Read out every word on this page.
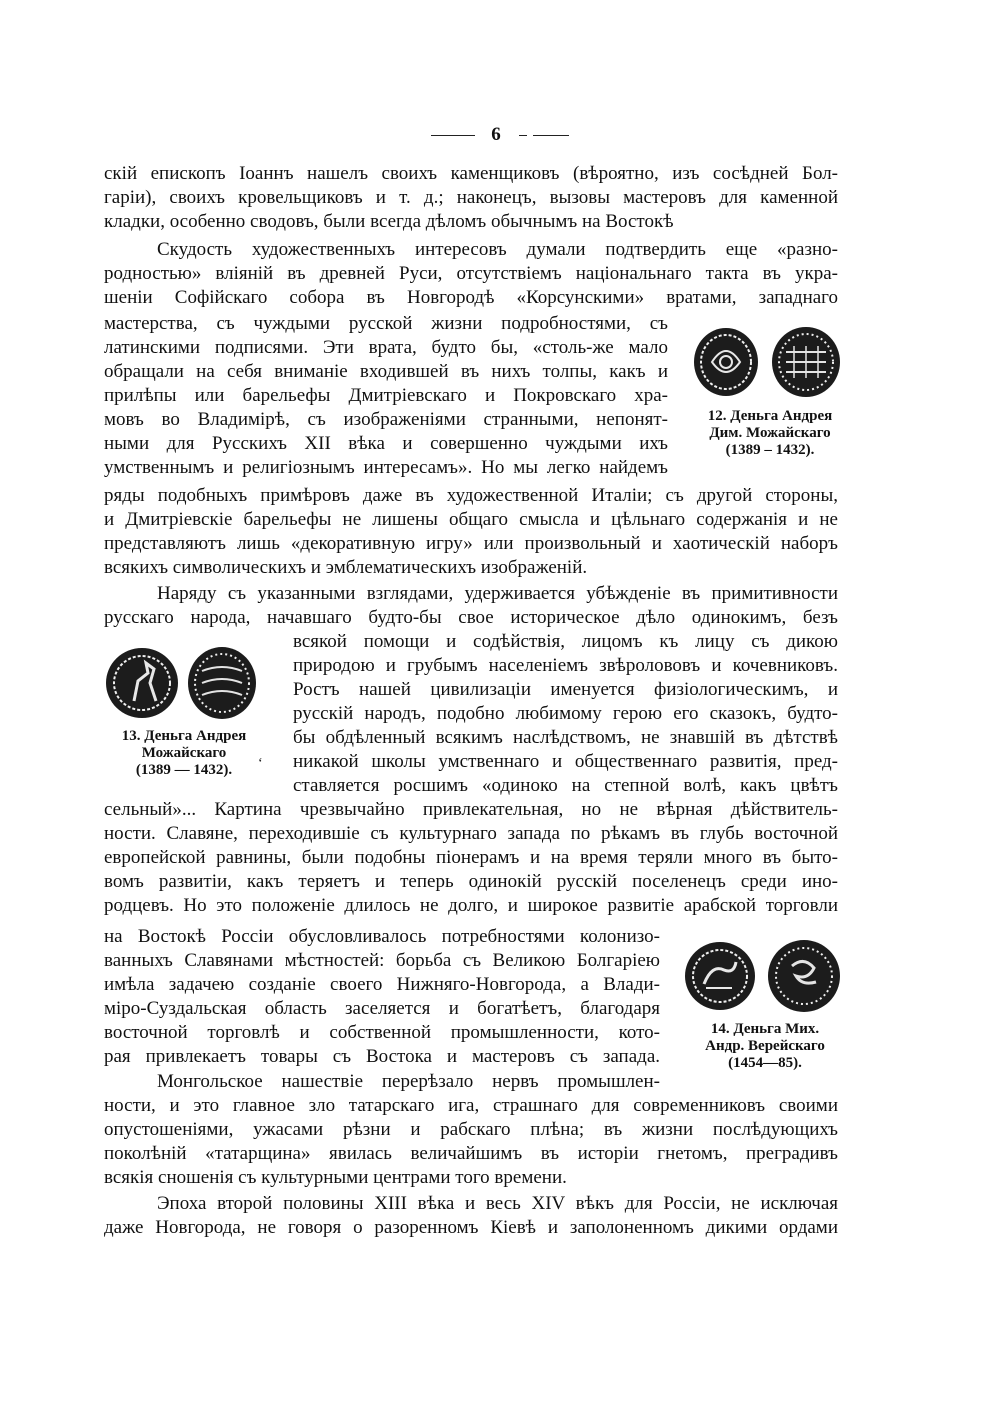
6
скій епископъ Іоаннъ нашелъ своихъ каменщиковъ (вѣроятно, изъ сосѣдней Бол-
гаріи), своихъ кровельщиковъ и т. д.; наконецъ, вызовы мастеровъ для каменной
кладки, особенно сводовъ, были всегда дѣломъ обычнымъ на Востокѣ
Скудость художественныхъ интересовъ думали подтвердить еще «разно-
родностью» вліяній въ древней Руси, отсутствіемъ національнаго такта въ укра-
шеніи Софійскаго собора въ Новгородѣ «Корсунскими» вратами, западнаго
мастерства, съ чуждыми русской жизни подробностями, съ
латинскими подписями. Эти врата, будто бы, «столь-же мало
обращали на себя вниманіе входившей въ нихъ толпы, какъ и
прилѣпы или барельефы Дмитріевскаго и Покровскаго хра-
мовъ во Владимірѣ, съ изображеніями странными, непонят-
ными для Русскихъ XII вѣка и совершенно чуждыми ихъ
умственнымъ и религіознымъ интересамъ». Но мы легко найдемъ
ряды подобныхъ примѣровъ даже въ художественной Италіи; съ другой стороны,
и Дмитріевскіе барельефы не лишены общаго смысла и цѣльнаго содержанія и не
представляютъ лишь «декоративную игру» или произвольный и хаотическій наборъ
всякихъ символическихъ и эмблематическихъ изображеній.
Наряду съ указанными взглядами, удерживается убѣжденіе въ примитивности
русскаго народа, начавшаго будто-бы свое историческое дѣло одинокимъ, безъ
всякой помощи и содѣйствія, лицомъ къ лицу съ дикою
природою и грубымъ населеніемъ звѣролововъ и кочевниковъ.
Ростъ нашей цивилизаціи именуется физіологическимъ, и
русскій народъ, подобно любимому герою его сказокъ, будто-
бы обдѣленный всякимъ наслѣдствомъ, не знавшій въ дѣтствѣ
никакой школы умственнаго и общественнаго развитія, пред-
ставляется росшимъ «одиноко на степной волѣ, какъ цвѣтъ
сельный»... Картина чрезвычайно привлекательная, но не вѣрная дѣйствитель-
ности. Славяне, переходившіе съ культурнаго запада по рѣкамъ въ глубь восточной
европейской равнины, были подобны піонерамъ и на время теряли много въ быто-
вомъ развитіи, какъ теряетъ и теперь одинокій русскій поселенецъ среди ино-
родцевъ. Но это положеніе длилось не долго, и широкое развитіе арабской торговли
на Востокѣ Россіи обусловливалось потребностями колонизо-
ванныхъ Славянами мѣстностей: борьба съ Великою Болгаріею
имѣла задачею созданіе своего Нижняго-Новгорода, а Влади-
міро-Суздальская область заселяется и богатѣетъ, благодаря
восточной торговлѣ и собственной промышленности, кото-
рая привлекаетъ товары съ Востока и мастеровъ съ запада.
Монгольское нашествіе перерѣзало нервъ промышлен-
ности, и это главное зло татарскаго ига, страшнаго для современниковъ своими
опустошеніями, ужасами рѣзни и рабскаго плѣна; въ жизни послѣдующихъ
поколѣній «татарщина» явилась величайшимъ въ исторіи гнетомъ, преградивъ
всякія сношенія съ культурными центрами того времени.
Эпоха второй половины XIII вѣка и весь XIV вѣкъ для Россіи, не исключая
даже Новгорода, не говоря о разоренномъ Кіевѣ и заполоненномъ дикими ордами
12. Деньга Андрея
Дим. Можайскаго
(1389 – 1432).
13. Деньга Андрея
Можайскаго
(1389 — 1432).	‘
14. Деньга Мих.
Андр. Верейскаго
(1454—85).
